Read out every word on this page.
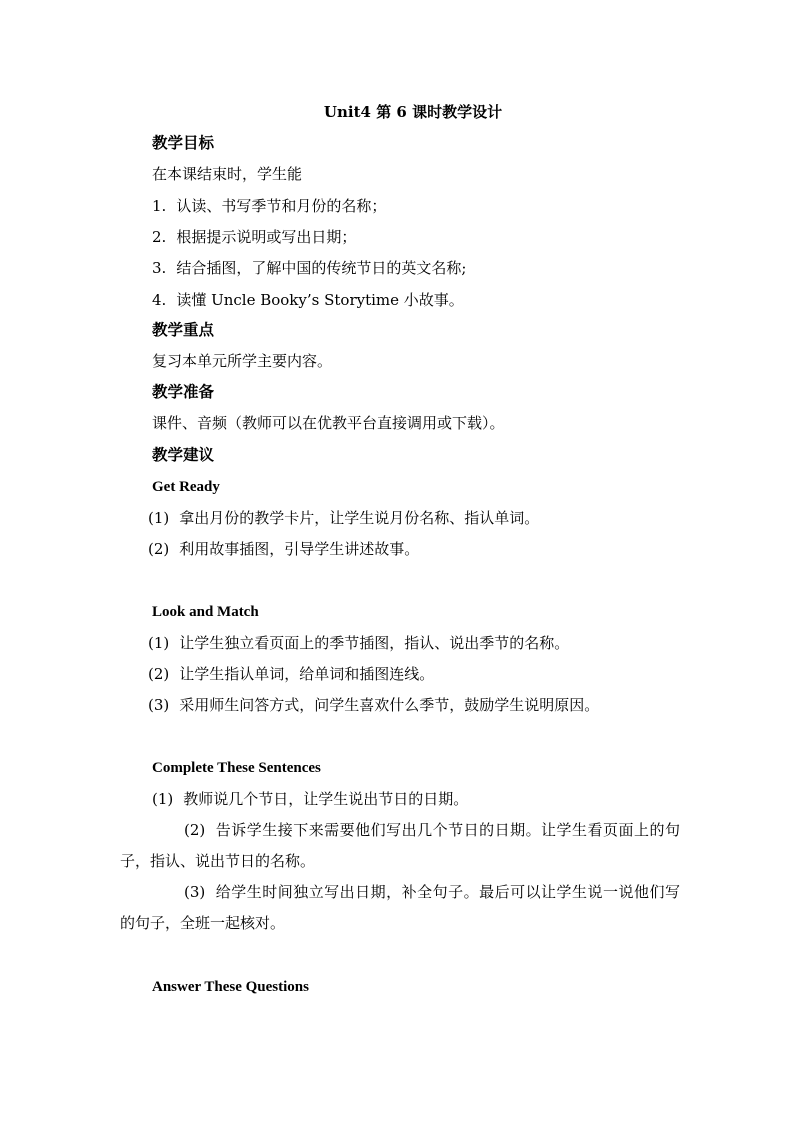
Unit4 第 6 课时教学设计
教学目标
在本课结束时，学生能
1. 认读、书写季节和月份的名称；
2. 根据提示说明或写出日期；
3. 结合插图，了解中国的传统节日的英文名称;
4. 读懂 Uncle Booky’s Storytime 小故事。
教学重点
复习本单元所学主要内容。
教学准备
课件、音频（教师可以在优教平台直接调用或下载）。
教学建议
Get Ready
(1) 拿出月份的教学卡片，让学生说月份名称、指认单词。
(2) 利用故事插图，引导学生讲述故事。
Look and Match
(1) 让学生独立看页面上的季节插图，指认、说出季节的名称。
(2) 让学生指认单词，给单词和插图连线。
(3) 采用师生问答方式，问学生喜欢什么季节，鼓励学生说明原因。
Complete These Sentences
(1) 教师说几个节日，让学生说出节日的日期。
(2) 告诉学生接下来需要他们写出几个节日的日期。让学生看页面上的句子，指认、说出节日的名称。
(3) 给学生时间独立写出日期，补全句子。最后可以让学生说一说他们写的句子，全班一起核对。
Answer These Questions
